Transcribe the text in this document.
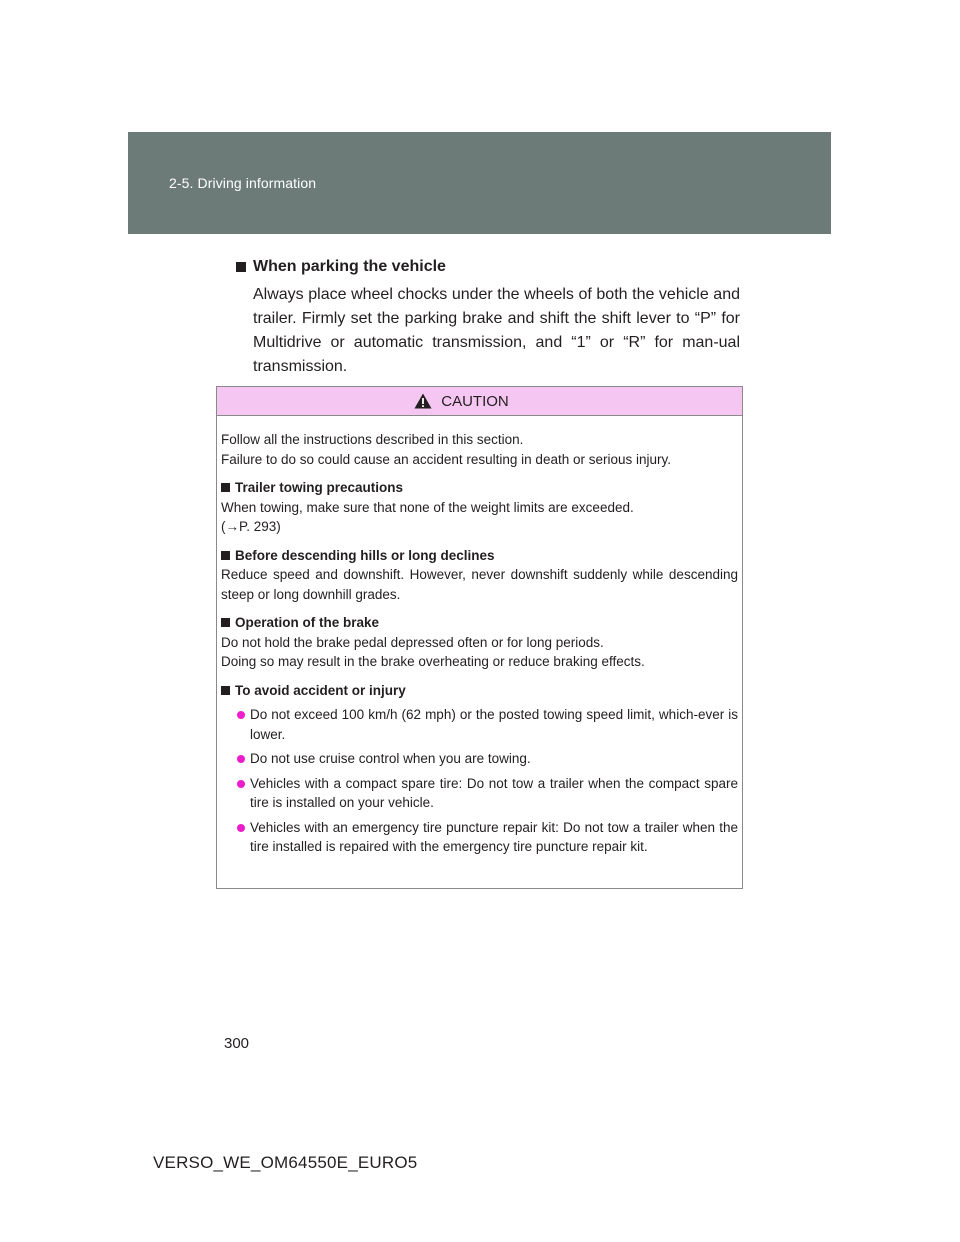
2-5. Driving information
When parking the vehicle

Always place wheel chocks under the wheels of both the vehicle and trailer. Firmly set the parking brake and shift the shift lever to “P” for Multidrive or automatic transmission, and “1” or “R” for man-ual transmission.

CAUTION

Follow all the instructions described in this section.

Failure to do so could cause an accident resulting in death or serious injury.

Trailer towing precautions

When towing, make sure that none of the weight limits are exceeded.

(→P. 293)

Before descending hills or long declines

Reduce speed and downshift. However, never downshift suddenly while descending steep or long downhill grades.

Operation of the brake

Do not hold the brake pedal depressed often or for long periods.

Doing so may result in the brake overheating or reduce braking effects.

To avoid accident or injury
Do not exceed 100 km/h (62 mph) or the posted towing speed limit, which-ever is lower.
Do not use cruise control when you are towing.
Vehicles with a compact spare tire: Do not tow a trailer when the compact spare tire is installed on your vehicle.
Vehicles with an emergency tire puncture repair kit: Do not tow a trailer when the tire installed is repaired with the emergency tire puncture repair kit.
300
VERSO_WE_OM64550E_EURO5
